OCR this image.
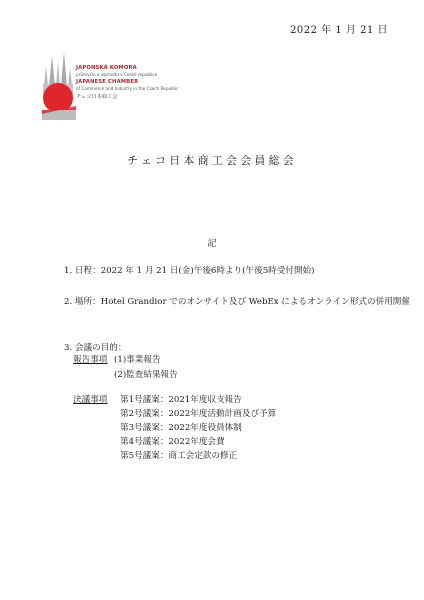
2022 年 1 月 21 日
JAPONSKÁ KOMORA
průmyslu a obchodu v České republice
JAPANESE CHAMBER
of Commerce and Industry in the Czech Republic
チェコ日本商工会
チェコ日本商工会会員総会
記
1. 日程：2022 年 1 月 21 日(金)午後6時より(午後5時受付開始)
2. 場所：Hotel Grandior でのオンサイト及び WebEx によるオンライン形式の併用開催
3. 会議の目的：
報告事項 (1)事業報告
(2)監査結果報告
決議事項 第1号議案：2021年度収支報告
第2号議案：2022年度活動計画及び予算
第3号議案：2022年度役員体制
第4号議案：2022年度会費
第5号議案：商工会定款の修正
